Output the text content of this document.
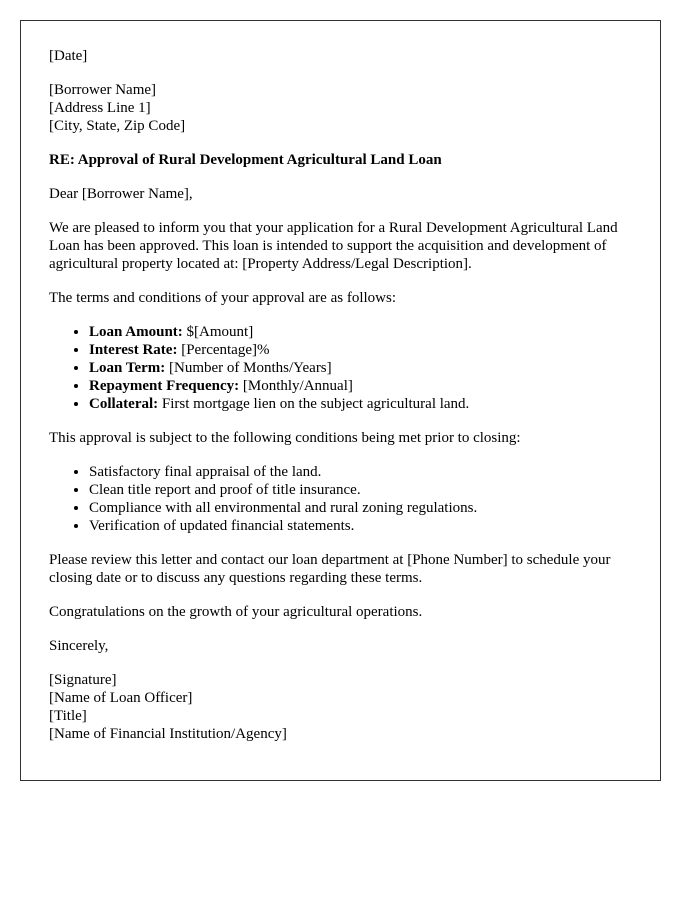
[Date]

[Borrower Name]
[Address Line 1]
[City, State, Zip Code]

RE: Approval of Rural Development Agricultural Land Loan

Dear [Borrower Name],

We are pleased to inform you that your application for a Rural Development Agricultural Land Loan has been approved. This loan is intended to support the acquisition and development of agricultural property located at: [Property Address/Legal Description].

The terms and conditions of your approval are as follows:

• Loan Amount: $[Amount]
• Interest Rate: [Percentage]%
• Loan Term: [Number of Months/Years]
• Repayment Frequency: [Monthly/Annual]
• Collateral: First mortgage lien on the subject agricultural land.

This approval is subject to the following conditions being met prior to closing:

• Satisfactory final appraisal of the land.
• Clean title report and proof of title insurance.
• Compliance with all environmental and rural zoning regulations.
• Verification of updated financial statements.

Please review this letter and contact our loan department at [Phone Number] to schedule your closing date or to discuss any questions regarding these terms.

Congratulations on the growth of your agricultural operations.

Sincerely,

[Signature]
[Name of Loan Officer]
[Title]
[Name of Financial Institution/Agency]
